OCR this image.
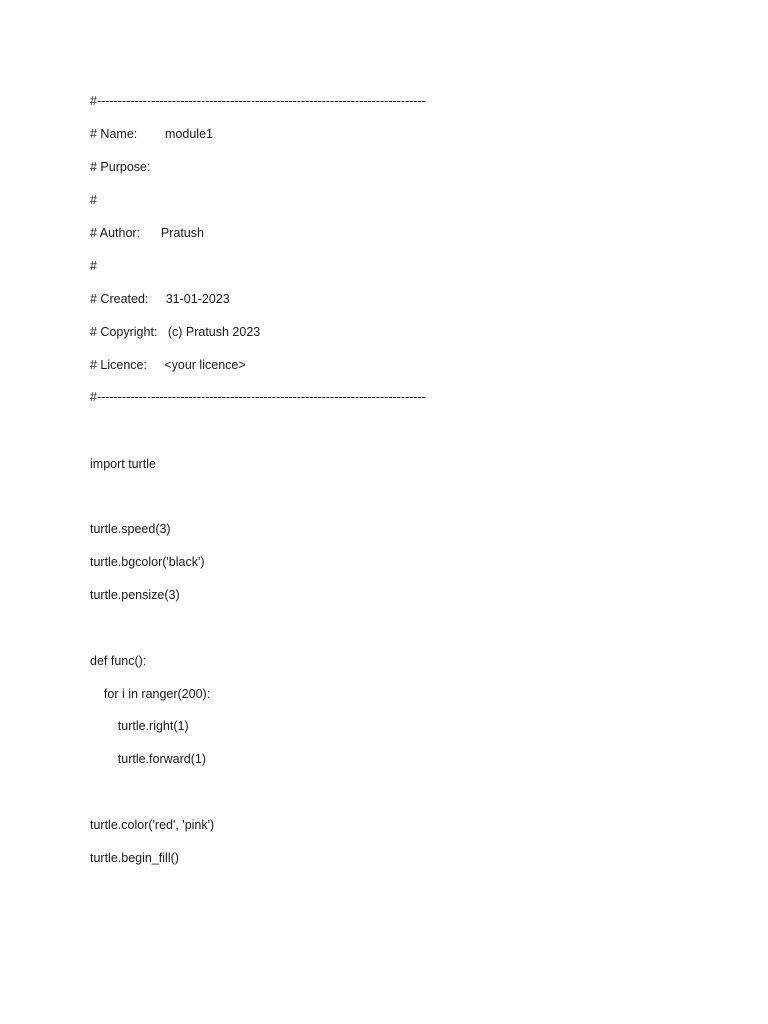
#-------------------------------------------------------------------------------

# Name:        module1

# Purpose:

#

# Author:      Pratush

#

# Created:     31-01-2023

# Copyright:   (c) Pratush 2023

# Licence:     <your licence>

#-------------------------------------------------------------------------------

import turtle

turtle.speed(3)

turtle.bgcolor('black')

turtle.pensize(3)

def func():

for i in ranger(200):

turtle.right(1)

turtle.forward(1)

turtle.color('red', 'pink')

turtle.begin_fill()
